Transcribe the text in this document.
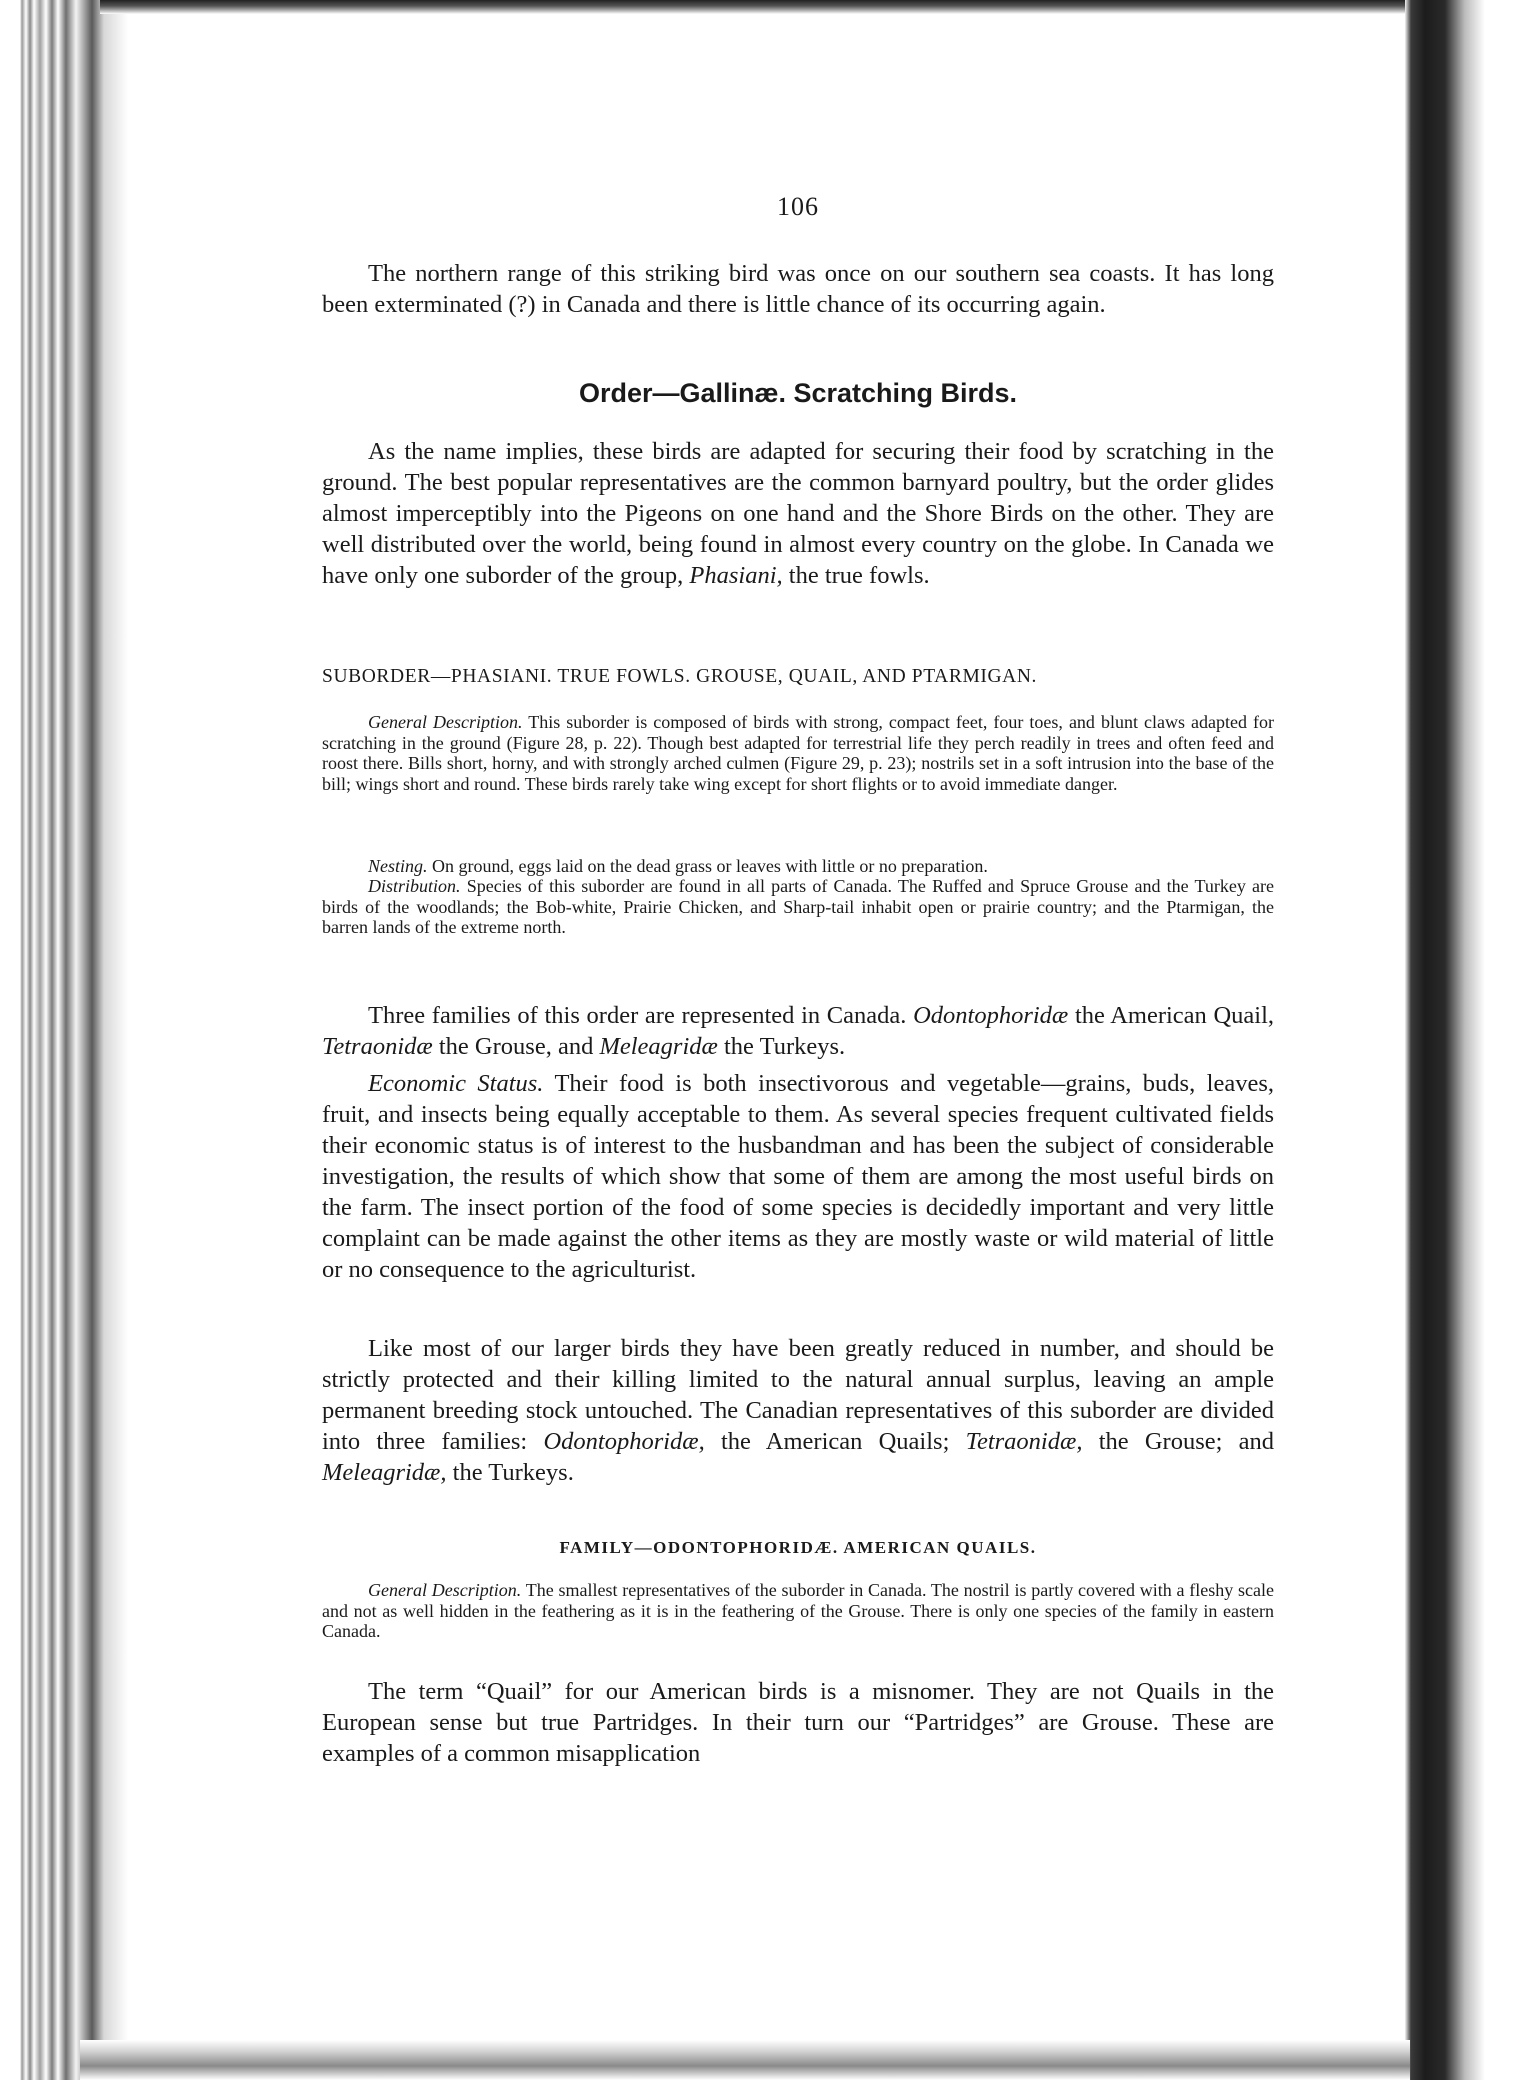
106

The northern range of this striking bird was once on our southern sea coasts. It has long been exterminated (?) in Canada and there is little chance of its occurring again.

Order—Gallinæ. Scratching Birds.

As the name implies, these birds are adapted for securing their food by scratching in the ground. The best popular representatives are the common barnyard poultry, but the order glides almost imperceptibly into the Pigeons on one hand and the Shore Birds on the other. They are well distributed over the world, being found in almost every country on the globe. In Canada we have only one suborder of the group, Phasiani, the true fowls.

SUBORDER—PHASIANI. TRUE FOWLS. GROUSE, QUAIL, AND PTARMIGAN.

General Description. This suborder is composed of birds with strong, compact feet, four toes, and blunt claws adapted for scratching in the ground (Figure 28, p. 22). Though best adapted for terrestrial life they perch readily in trees and often feed and roost there. Bills short, horny, and with strongly arched culmen (Figure 29, p. 23); nostrils set in a soft intrusion into the base of the bill; wings short and round. These birds rarely take wing except for short flights or to avoid immediate danger.

Nesting. On ground, eggs laid on the dead grass or leaves with little or no preparation.

Distribution. Species of this suborder are found in all parts of Canada. The Ruffed and Spruce Grouse and the Turkey are birds of the woodlands; the Bob-white, Prairie Chicken, and Sharp-tail inhabit open or prairie country; and the Ptarmigan, the barren lands of the extreme north.

Three families of this order are represented in Canada. Odontophoridæ the American Quail, Tetraonidæ the Grouse, and Meleagridæ the Turkeys.

Economic Status. Their food is both insectivorous and vegetable—grains, buds, leaves, fruit, and insects being equally acceptable to them. As several species frequent cultivated fields their economic status is of interest to the husbandman and has been the subject of considerable investigation, the results of which show that some of them are among the most useful birds on the farm. The insect portion of the food of some species is decidedly important and very little complaint can be made against the other items as they are mostly waste or wild material of little or no consequence to the agriculturist.

Like most of our larger birds they have been greatly reduced in number, and should be strictly protected and their killing limited to the natural annual surplus, leaving an ample permanent breeding stock untouched. The Canadian representatives of this suborder are divided into three families: Odontophoridæ, the American Quails; Tetraonidæ, the Grouse; and Meleagridæ, the Turkeys.

FAMILY—ODONTOPHORIDÆ. AMERICAN QUAILS.

General Description. The smallest representatives of the suborder in Canada. The nostril is partly covered with a fleshy scale and not as well hidden in the feathering as it is in the feathering of the Grouse. There is only one species of the family in eastern Canada.

The term “Quail” for our American birds is a misnomer. They are not Quails in the European sense but true Partridges. In their turn our “Partridges” are Grouse. These are examples of a common misapplication
